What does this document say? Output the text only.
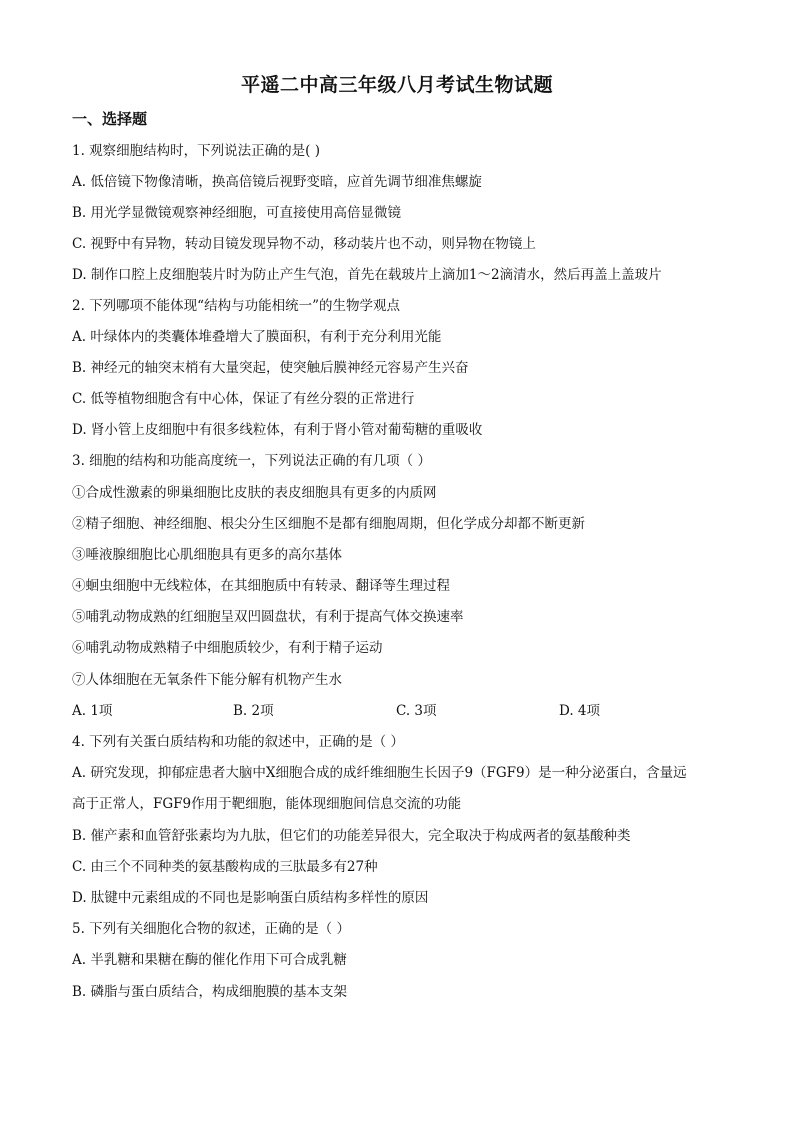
平遥二中高三年级八月考试生物试题
一、选择题
1. 观察细胞结构时，下列说法正确的是( )
A. 低倍镜下物像清晰，换高倍镜后视野变暗，应首先调节细准焦螺旋
B. 用光学显微镜观察神经细胞，可直接使用高倍显微镜
C. 视野中有异物，转动目镜发现异物不动，移动装片也不动，则异物在物镜上
D. 制作口腔上皮细胞装片时为防止产生气泡，首先在载玻片上滴加1～2滴清水，然后再盖上盖玻片
2. 下列哪项不能体现“结构与功能相统一”的生物学观点
A. 叶绿体内的类囊体堆叠增大了膜面积，有利于充分利用光能
B. 神经元的轴突末梢有大量突起，使突触后膜神经元容易产生兴奋
C. 低等植物细胞含有中心体，保证了有丝分裂的正常进行
D. 肾小管上皮细胞中有很多线粒体，有利于肾小管对葡萄糖的重吸收
3. 细胞的结构和功能高度统一，下列说法正确的有几项（ ）
①合成性激素的卵巢细胞比皮肤的表皮细胞具有更多的内质网
②精子细胞、神经细胞、根尖分生区细胞不是都有细胞周期，但化学成分却都不断更新
③唾液腺细胞比心肌细胞具有更多的高尔基体
④蛔虫细胞中无线粒体，在其细胞质中有转录、翻译等生理过程
⑤哺乳动物成熟的红细胞呈双凹圆盘状，有利于提高气体交换速率
⑥哺乳动物成熟精子中细胞质较少，有利于精子运动
⑦人体细胞在无氧条件下能分解有机物产生水
A. 1项	B. 2项	C. 3项	D. 4项
4. 下列有关蛋白质结构和功能的叙述中，正确的是（ ）
A. 研究发现，抑郁症患者大脑中X细胞合成的成纤维细胞生长因子9（FGF9）是一种分泌蛋白，含量远
高于正常人，FGF9作用于靶细胞，能体现细胞间信息交流的功能
B. 催产素和血管舒张素均为九肽，但它们的功能差异很大，完全取决于构成两者的氨基酸种类
C. 由三个不同种类的氨基酸构成的三肽最多有27种
D. 肽键中元素组成的不同也是影响蛋白质结构多样性的原因
5. 下列有关细胞化合物的叙述，正确的是（ ）
A. 半乳糖和果糖在酶的催化作用下可合成乳糖
B. 磷脂与蛋白质结合，构成细胞膜的基本支架
